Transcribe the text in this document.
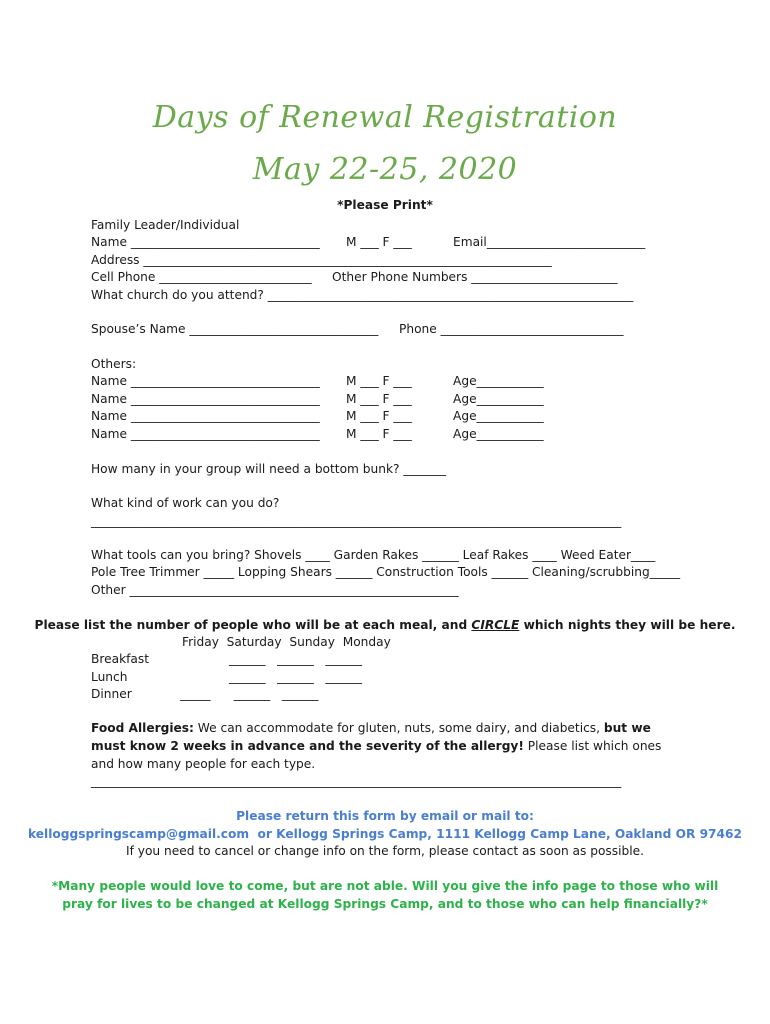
Days of Renewal Registration
May 22-25, 2020
*Please Print*
Family Leader/Individual
Name _______________________________ M ___ F ___	Email__________________________
Address ___________________________________________________________________
Cell Phone _________________________ Other Phone Numbers ________________________
What church do you attend? ____________________________________________________________
Spouse’s Name _______________________________ Phone ______________________________
Others:
Name _______________________________ M ___ F ___	Age___________
Name _______________________________ M ___ F ___	Age___________
Name _______________________________ M ___ F ___	Age___________
Name _______________________________ M ___ F ___	Age___________
How many in your group will need a bottom bunk? _______
What kind of work can you do?
_______________________________________________________________________________________
What tools can you bring? Shovels ____ Garden Rakes ______ Leaf Rakes ____ Weed Eater____
Pole Tree Trimmer _____ Lopping Shears ______ Construction Tools ______ Cleaning/scrubbing_____
Other ______________________________________________________
Please list the number of people who will be at each meal, and CIRCLE which nights they will be here.
Friday  Saturday  Sunday  Monday
Breakfast	______   ______   ______
Lunch	______   ______   ______
Dinner	_____      ______   ______
Food Allergies: We can accommodate for gluten, nuts, some dairy, and diabetics, but we must know 2 weeks in advance and the severity of the allergy! Please list which ones and how many people for each type.
_______________________________________________________________________________________
Please return this form by email or mail to:
kelloggspringscamp@gmail.com  or Kellogg Springs Camp, 1111 Kellogg Camp Lane, Oakland OR 97462
If you need to cancel or change info on the form, please contact as soon as possible.
*Many people would love to come, but are not able. Will you give the info page to those who will
pray for lives to be changed at Kellogg Springs Camp, and to those who can help financially?*
